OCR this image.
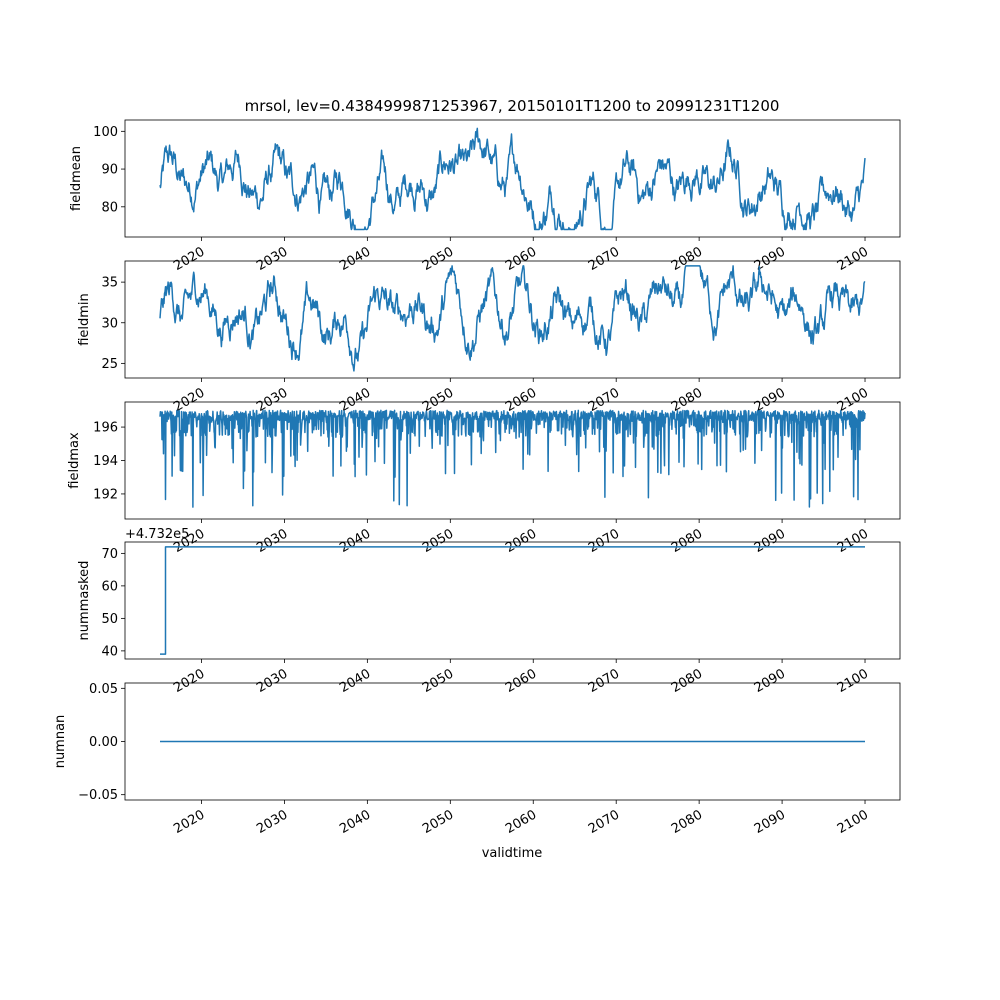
mrsol, lev=0.4384999871253967, 20150101T1200 to 20991231T1200
80
90
100
fieldmean
2020	2030	2040	2050	2060	2070	2080	2090	2100
25
30
35
fieldmin
2020	2030	2040	2050	2060	2070	2080	2090	2100
192
194
196
fieldmax
2020	2030	2040	2050	2060	2070	2080	2090	2100
40
50
60
70
nummasked
+4.732e5
2020	2030	2040	2050	2060	2070	2080	2090	2100
−0.05
0.00
0.05
numnan
2020	2030	2040	2050	2060	2070	2080	2090	2100
validtime
